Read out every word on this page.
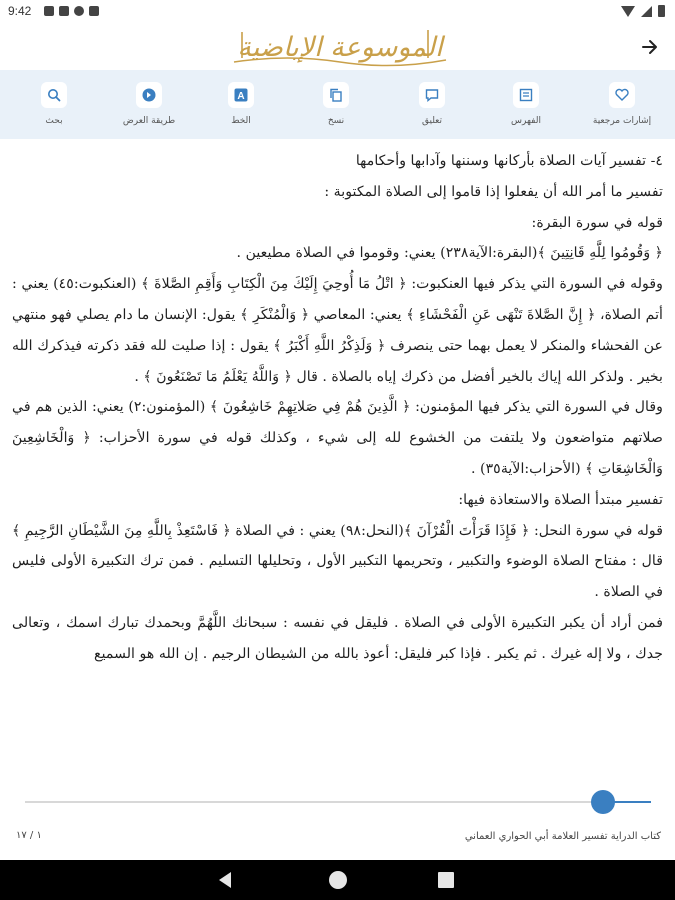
9:42
الموسوعة الإباضية
إشارات مرجعية
الفهرس
تعليق
نسخ
A
الخط
طريقة العرض
بحث

٤- تفسير آيات الصلاة بأركانها وسننها وآدابها وأحكامها

تفسير ما أمر الله أن يفعلوا إذا قاموا إلى الصلاة المكتوبة :

قوله في سورة البقرة:

﴿ وَقُومُوا لِلَّهِ قَانِتِينَ ﴾(البقرة:الآية٢٣٨) يعني: وقوموا في الصلاة مطيعين .

وقوله في السورة التي يذكر فيها العنكبوت: ﴿ اتْلُ مَا أُوحِيَ إِلَيْكَ مِنَ الْكِتَابِ وَأَقِمِ الصَّلاةَ ﴾ (العنكبوت:٤٥) يعني : أتم الصلاة، ﴿ إِنَّ الصَّلاةَ تَنْهَى عَنِ الْفَحْشَاءِ ﴾ يعني: المعاصي ﴿ وَالْمُنْكَرِ ﴾ يقول: الإنسان ما دام يصلي فهو منتهي عن الفحشاء والمنكر لا يعمل بهما حتى ينصرف ﴿ وَلَذِكْرُ اللَّهِ أَكْبَرُ ﴾ يقول : إذا صليت لله فقد ذكرته فيذكرك الله بخير . ولذكر الله إياك بالخير أفضل من ذكرك إياه بالصلاة . قال ﴿ وَاللَّهُ يَعْلَمُ مَا تَصْنَعُونَ ﴾ .

وقال في السورة التي يذكر فيها المؤمنون: ﴿ الَّذِينَ هُمْ فِي صَلاتِهِمْ خَاشِعُونَ ﴾ (المؤمنون:٢) يعني: الذين هم في صلاتهم متواضعون ولا يلتفت من الخشوع لله إلى شيء ، وكذلك قوله في سورة الأحزاب: ﴿ وَالْخَاشِعِينَ وَالْخَاشِعَاتِ ﴾ (الأحزاب:الآية٣٥) .

تفسير مبتدأ الصلاة والاستعاذة فيها:

قوله في سورة النحل: ﴿ فَإِذَا قَرَأْتَ الْقُرْآنَ ﴾(النحل:٩٨) يعني : في الصلاة ﴿ فَاسْتَعِذْ بِاللَّهِ مِنَ الشَّيْطَانِ الرَّجِيمِ ﴾ قال : مفتاح الصلاة الوضوء والتكبير ، وتحريمها التكبير الأول ، وتحليلها التسليم . فمن ترك التكبيرة الأولى فليس في الصلاة .

فمن أراد أن يكبر التكبيرة الأولى في الصلاة . فليقل في نفسه : سبحانك اللَّهُمَّ وبحمدك تبارك اسمك ، وتعالى جدك ، ولا إله غيرك . ثم يكبر . فإذا كبر فليقل: أعوذ بالله من الشيطان الرجيم . إن الله هو السميع

كتاب الدراية تفسير العلامة أبي الحواري العماني
١ / ١٧
